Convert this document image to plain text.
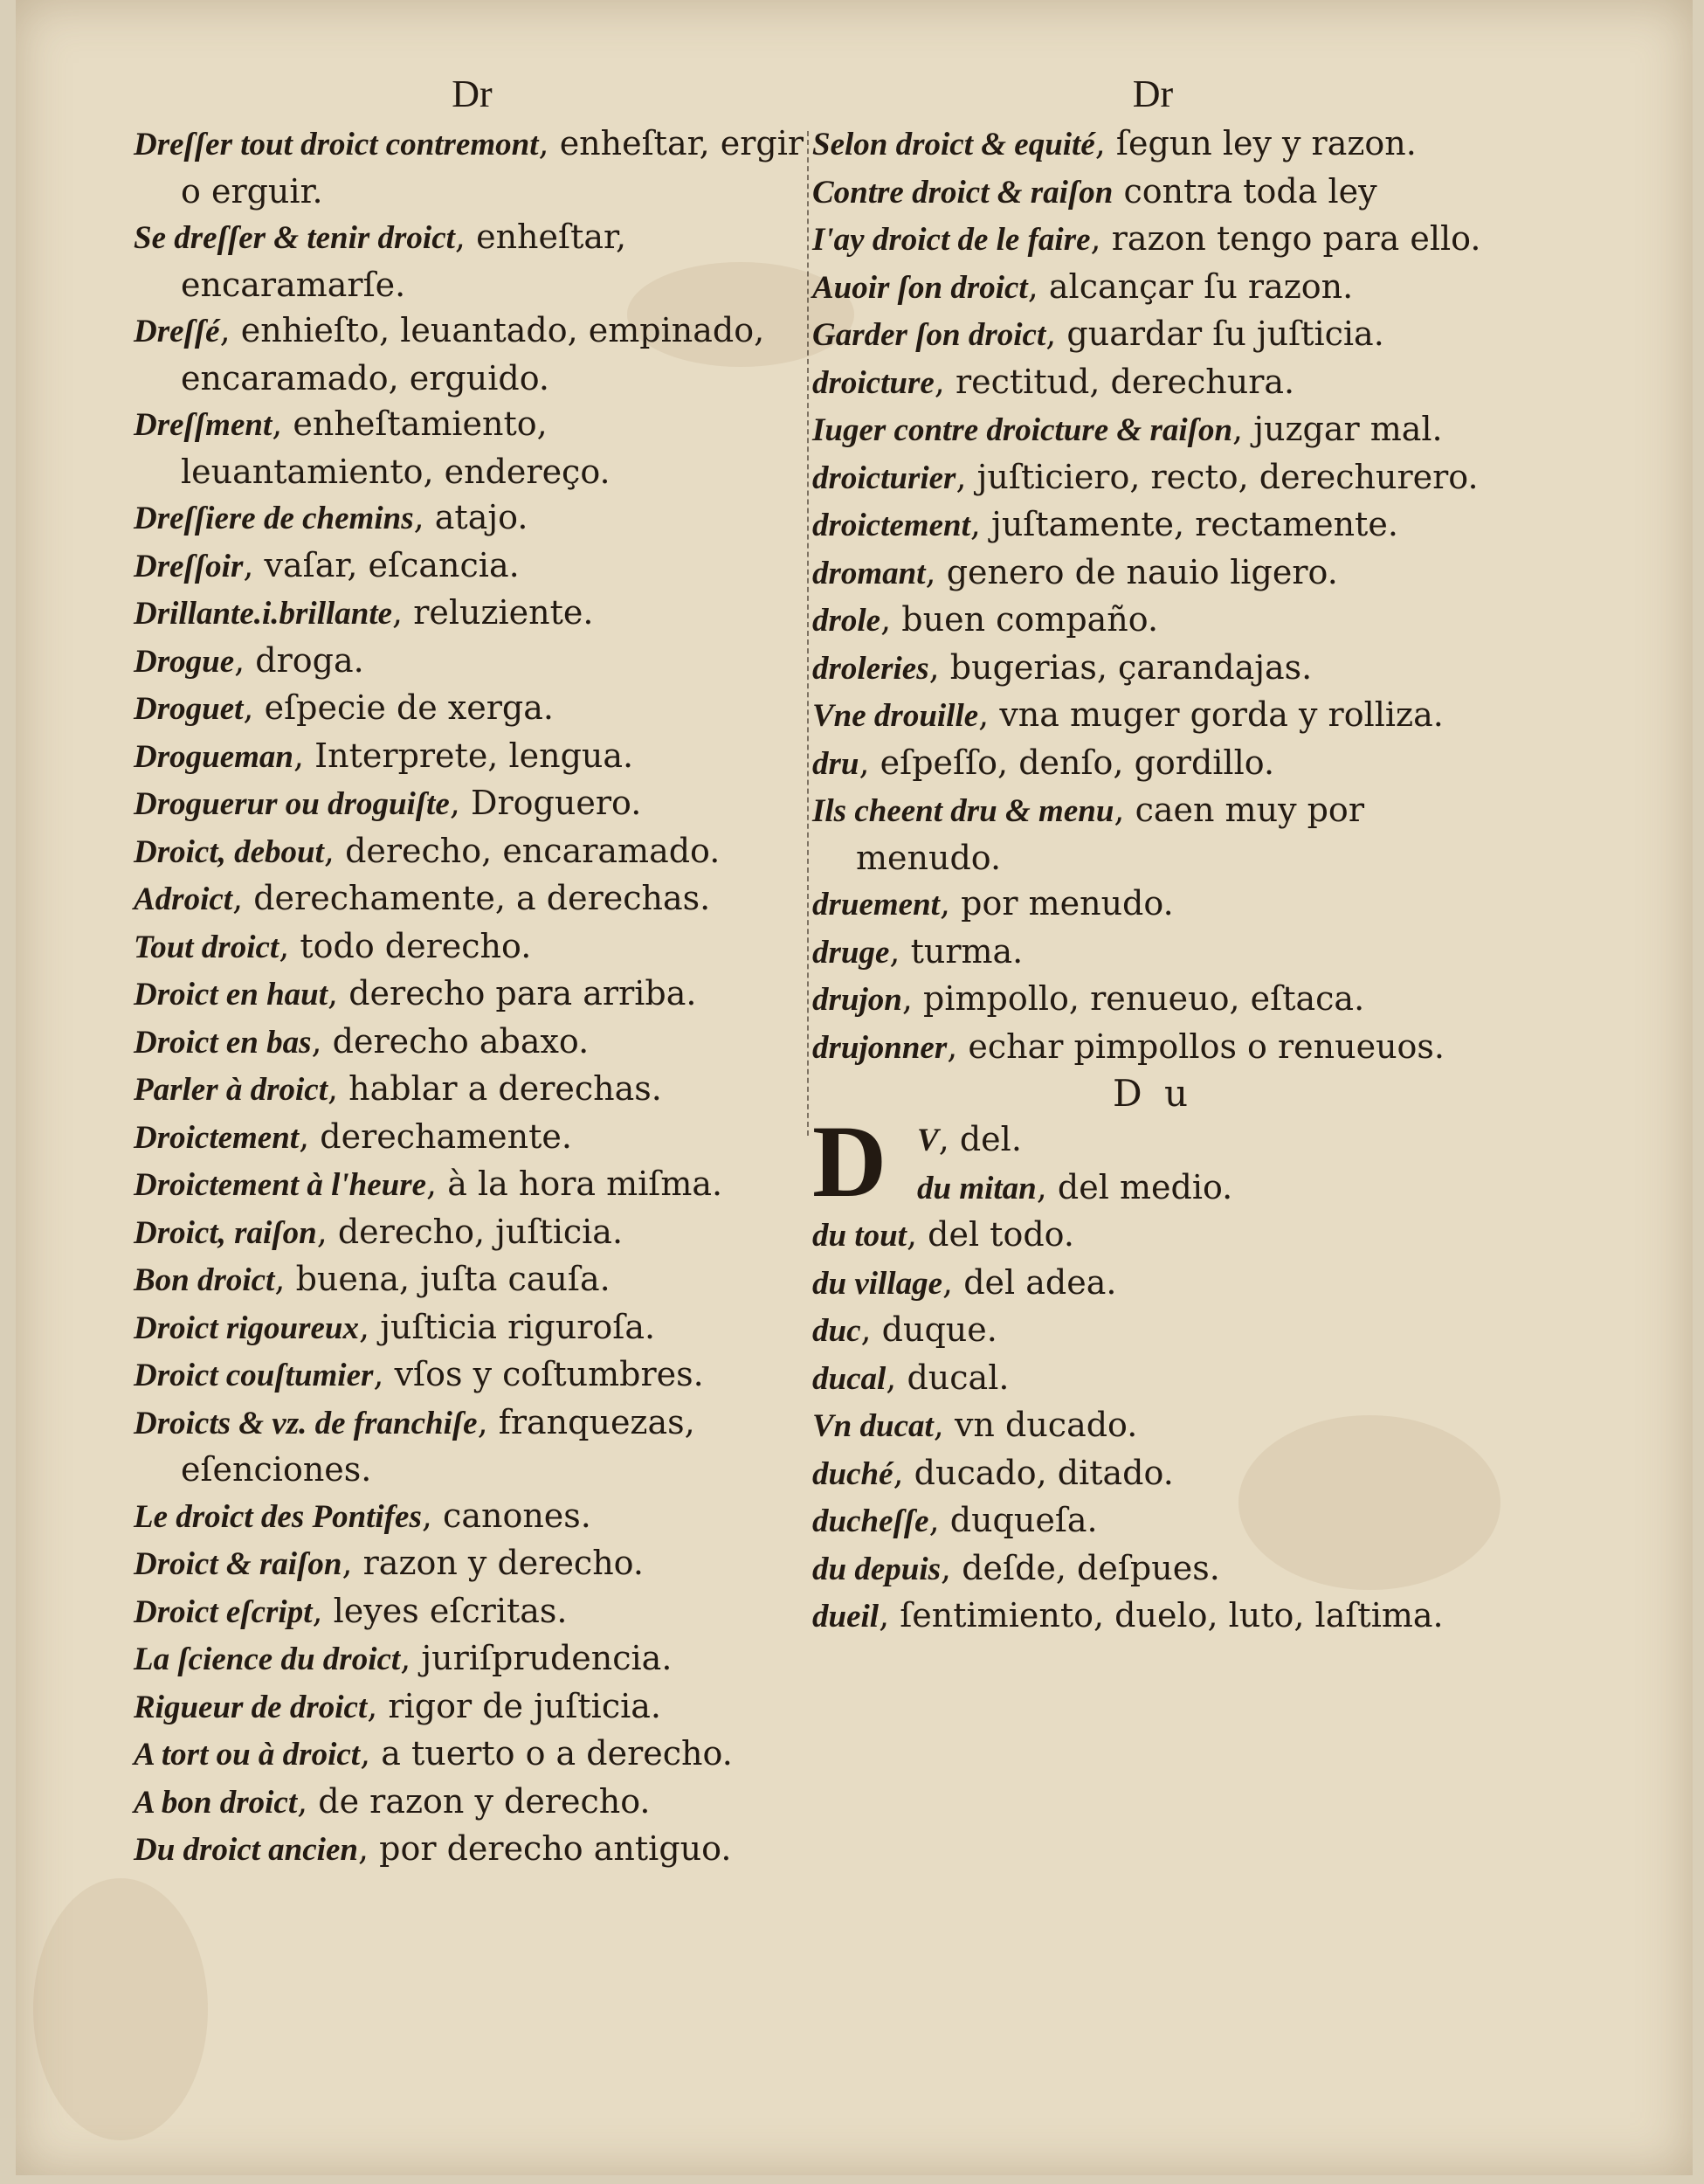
Dr
Dreſſer tout droict contremont, enheſtar, ergir o erguir.
Se dreſſer & tenir droict, enheſtar, encaramarſe.
Dreſſé, enhieſto, leuantado, empinado, encaramado, erguido.
Dreſſment, enheſtamiento, leuantamiento, endereço.
Dreſſiere de chemins, atajo.
Dreſſoir, vaſar, eſcancia.
Drillante.i.brillante, reluziente.
Drogue, droga.
Droguet, eſpecie de xerga.
Drogueman, Interprete, lengua.
Droguerur ou droguiſte, Droguero.
Droict, debout, derecho, encaramado.
Adroict, derechamente, a derechas.
Tout droict, todo derecho.
Droict en haut, derecho para arriba.
Droict en bas, derecho abaxo.
Parler à droict, hablar a derechas.
Droictement, derechamente.
Droictement à l'heure, à la hora miſma.
Droict, raiſon, derecho, juſticia.
Bon droict, buena, juſta cauſa.
Droict rigoureux, juſticia riguroſa.
Droict couſtumier, vſos y coſtumbres.
Droicts & vz. de franchiſe, franquezas, eſenciones.
Le droict des Pontifes, canones.
Droict & raiſon, razon y derecho.
Droict eſcript, leyes eſcritas.
La ſcience du droict, juriſprudencia.
Rigueur de droict, rigor de juſticia.
A tort ou à droict, a tuerto o a derecho.
A bon droict, de razon y derecho.
Du droict ancien, por derecho antiguo.
Dr
Selon droict & equité, ſegun ley y razon.
Contre droict & raiſon contra toda ley
I'ay droict de le faire, razon tengo para ello.
Auoir ſon droict, alcançar ſu razon.
Garder ſon droict, guardar ſu juſticia.
droicture, rectitud, derechura.
Iuger contre droicture & raiſon, juzgar mal.
droicturier, juſticiero, recto, derechurero.
droictement, juſtamente, rectamente.
dromant, genero de nauio ligero.
drole, buen compaño.
droleries, bugerias, çarandajas.
Vne drouille, vna muger gorda y rolliza.
dru, eſpeſſo, denſo, gordillo.
Ils cheent dru & menu, caen muy por menudo.
druement, por menudo.
druge, turma.
drujon, pimpollo, renueuo, eſtaca.
drujonner, echar pimpollos o renueuos.
D u
D V, del.
du mitan, del medio.
du tout, del todo.
du village, del adea.
duc, duque.
ducal, ducal.
Vn ducat, vn ducado.
duché, ducado, ditado.
ducheſſe, duqueſa.
du depuis, deſde, deſpues.
dueil, ſentimiento, duelo, luto, laſtima.
